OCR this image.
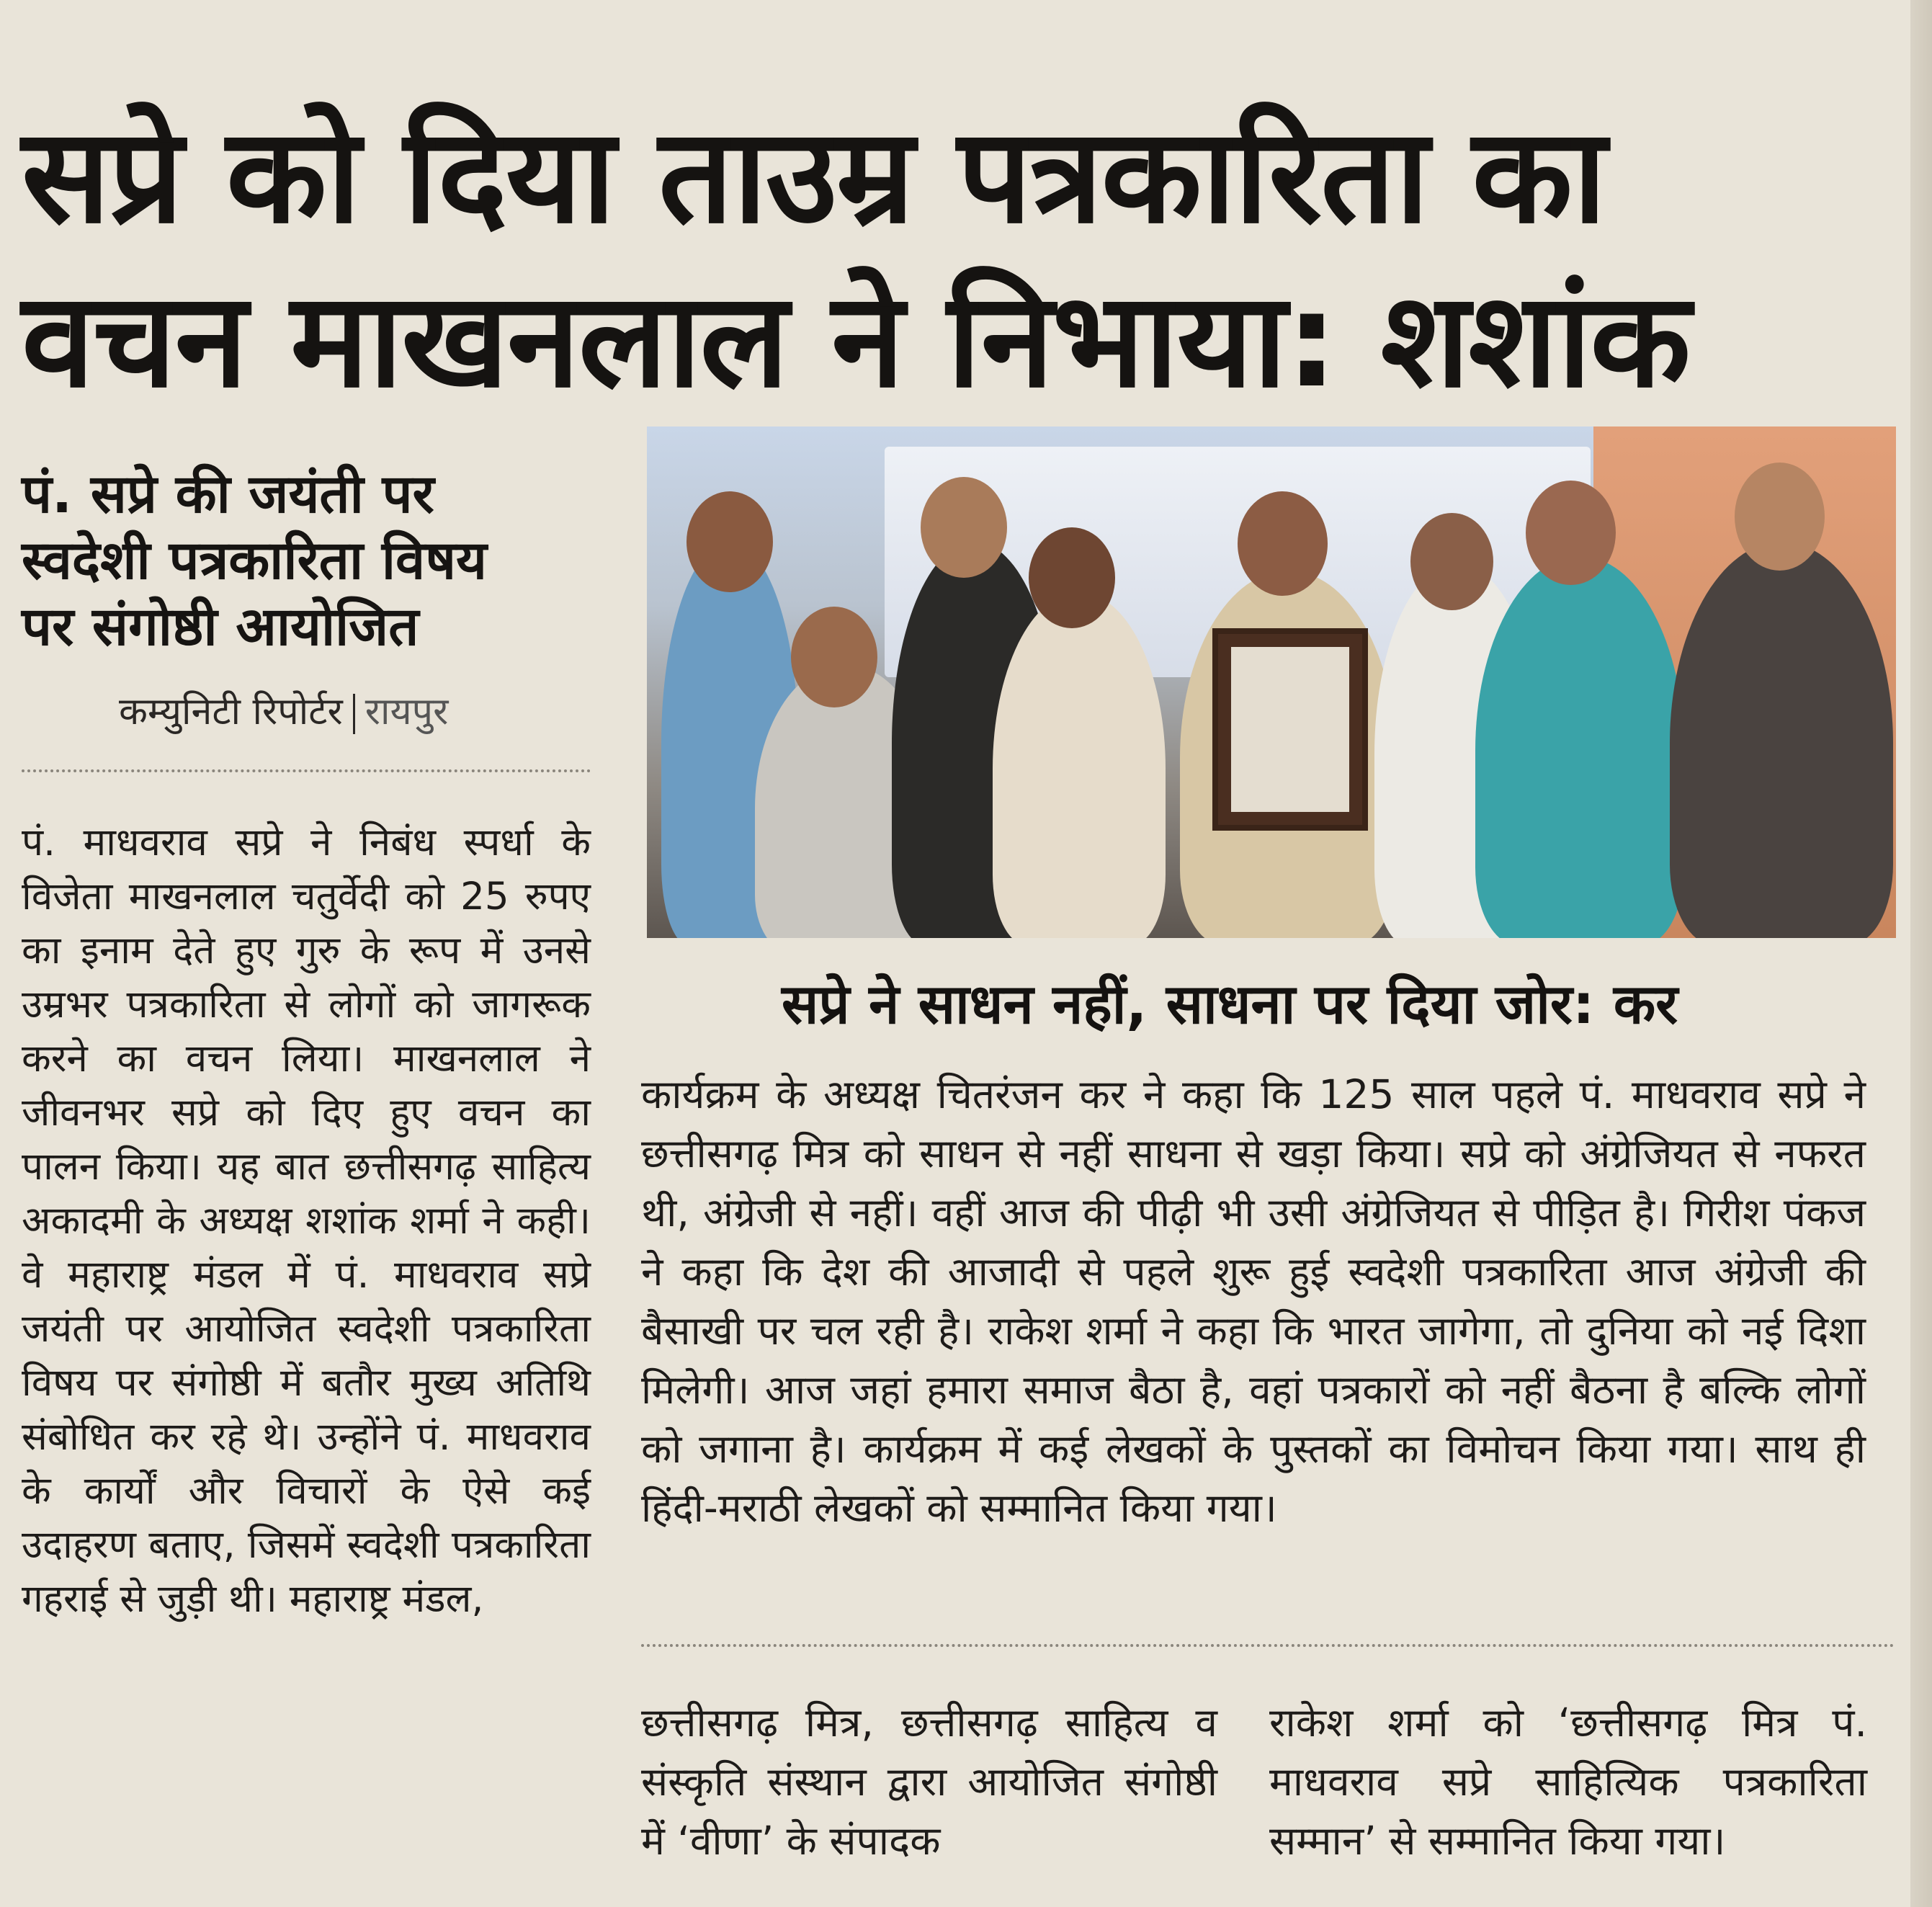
सप्रे को दिया ताउम्र पत्रकारिता का
वचन माखनलाल ने निभाया: शशांक
पं. सप्रे की जयंती पर
स्वदेशी पत्रकारिता विषय
पर संगोष्ठी आयोजित
कम्युनिटी रिपोर्टर रायपुर
पं. माधवराव सप्रे ने निबंध स्पर्धा के विजेता माखनलाल चतुर्वेदी को 25 रुपए का इनाम देते हुए गुरु के रूप में उनसे उम्रभर पत्रकारिता से लोगों को जागरूक करने का वचन लिया। माखनलाल ने जीवनभर सप्रे को दिए हुए वचन का पालन किया। यह बात छत्तीसगढ़ साहित्य अकादमी के अध्यक्ष शशांक शर्मा ने कही। वे महाराष्ट्र मंडल में पं. माधवराव सप्रे जयंती पर आयोजित स्वदेशी पत्रकारिता विषय पर संगोष्ठी में बतौर मुख्य अतिथि संबोधित कर रहे थे। उन्होंने पं. माधवराव के कार्यों और विचारों के ऐसे कई उदाहरण बताए, जिसमें स्वदेशी पत्रकारिता गहराई से जुड़ी थी। महाराष्ट्र मंडल,
सप्रे ने साधन नहीं, साधना पर दिया जोर: कर
कार्यक्रम के अध्यक्ष चितरंजन कर ने कहा कि 125 साल पहले पं. माधवराव सप्रे ने छत्तीसगढ़ मित्र को साधन से नहीं साधना से खड़ा किया। सप्रे को अंग्रेजियत से नफरत थी, अंग्रेजी से नहीं। वहीं आज की पीढ़ी भी उसी अंग्रेजियत से पीड़ित है। गिरीश पंकज ने कहा कि देश की आजादी से पहले शुरू हुई स्वदेशी पत्रकारिता आज अंग्रेजी की बैसाखी पर चल रही है। राकेश शर्मा ने कहा कि भारत जागेगा, तो दुनिया को नई दिशा मिलेगी। आज जहां हमारा समाज बैठा है, वहां पत्रकारों को नहीं बैठना है बल्कि लोगों को जगाना है। कार्यक्रम में कई लेखकों के पुस्तकों का विमोचन किया गया। साथ ही हिंदी-मराठी लेखकों को सम्मानित किया गया।
छत्तीसगढ़ मित्र, छत्तीसगढ़ साहित्य व संस्कृति संस्थान द्वारा आयोजित संगोष्ठी में ‘वीणा’ के संपादक
राकेश शर्मा को ‘छत्तीसगढ़ मित्र पं. माधवराव सप्रे साहित्यिक पत्रकारिता सम्मान’ से सम्मानित किया गया।
